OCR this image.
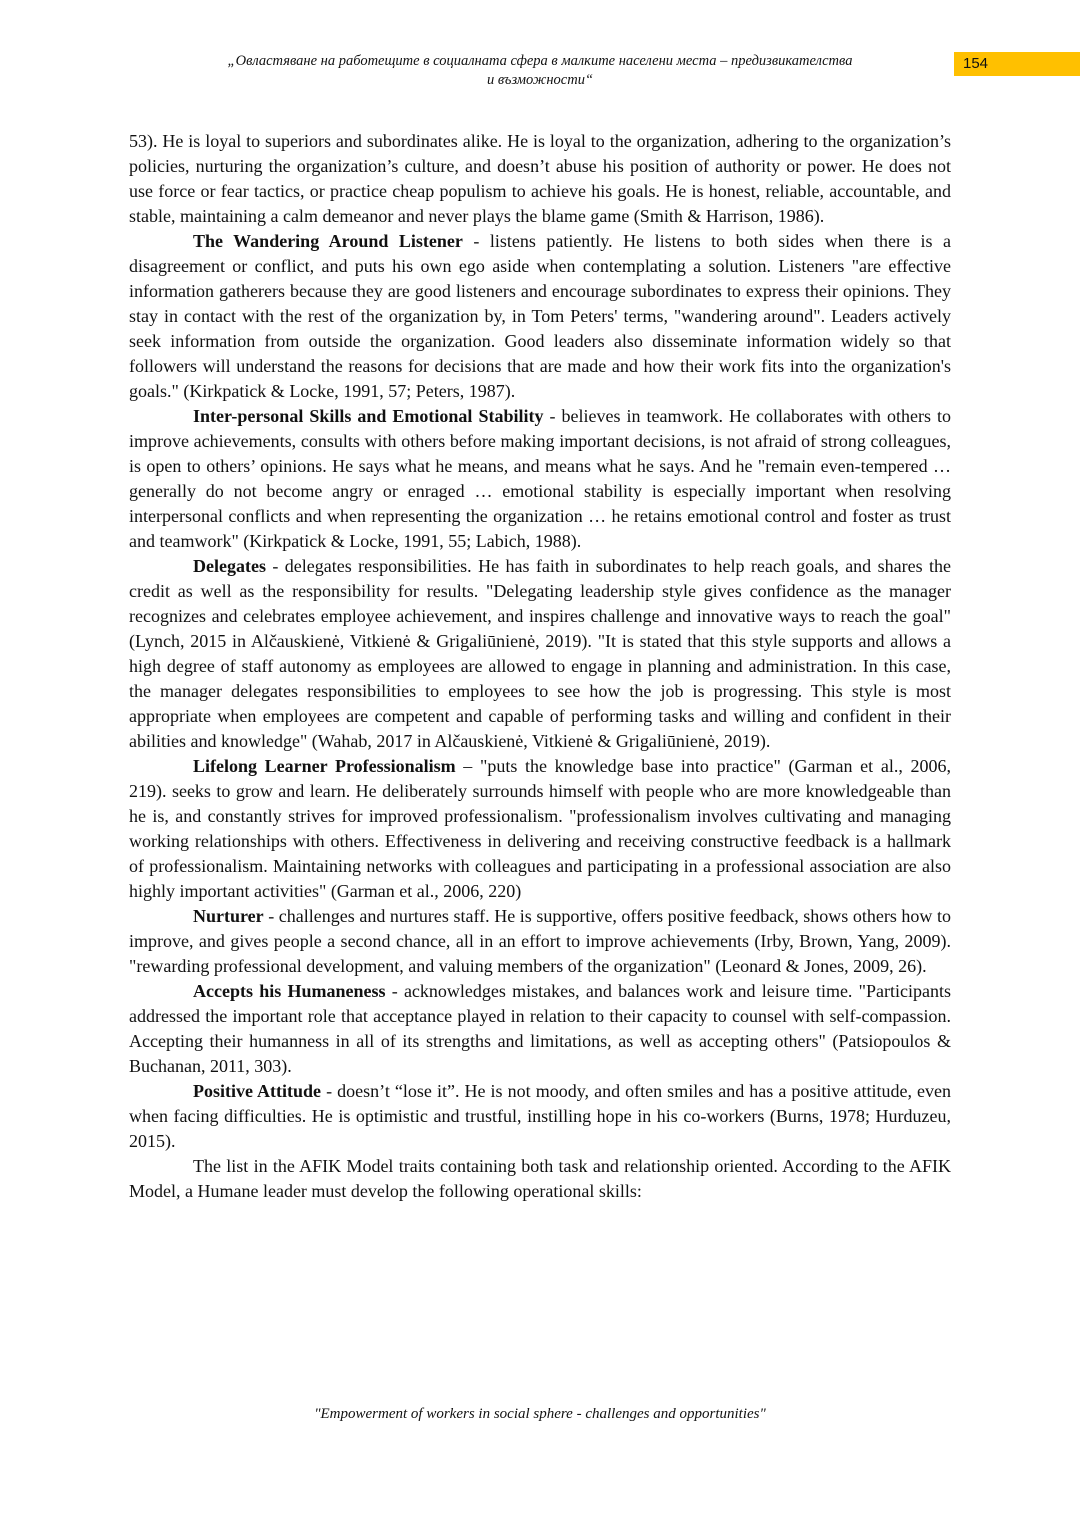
„Овластяване на работещите в социалната сфера в малките населени места – предизвикателства
и възможности“
154

53). He is loyal to superiors and subordinates alike. He is loyal to the organization, adhering to the organization’s policies, nurturing the organization’s culture, and doesn’t abuse his position of authority or power. He does not use force or fear tactics, or practice cheap populism to achieve his goals. He is honest, reliable, accountable, and stable, maintaining a calm demeanor and never plays the blame game (Smith & Harrison, 1986).

The Wandering Around Listener - listens patiently. He listens to both sides when there is a disagreement or conflict, and puts his own ego aside when contemplating a solution. Listeners "are effective information gatherers because they are good listeners and encourage subordinates to express their opinions. They stay in contact with the rest of the organization by, in Tom Peters' terms, "wandering around". Leaders actively seek information from outside the organization. Good leaders also disseminate information widely so that followers will understand the reasons for decisions that are made and how their work fits into the organization's goals." (Kirkpatick & Locke, 1991, 57; Peters, 1987).

Inter-personal Skills and Emotional Stability - believes in teamwork. He collaborates with others to improve achievements, consults with others before making important decisions, is not afraid of strong colleagues, is open to others’ opinions. He says what he means, and means what he says. And he "remain even-tempered … generally do not become angry or enraged … emotional stability is especially important when resolving interpersonal conflicts and when representing the organization … he retains emotional control and foster as trust and teamwork" (Kirkpatick & Locke, 1991, 55; Labich, 1988).

Delegates - delegates responsibilities. He has faith in subordinates to help reach goals, and shares the credit as well as the responsibility for results. "Delegating leadership style gives confidence as the manager recognizes and celebrates employee achievement, and inspires challenge and innovative ways to reach the goal" (Lynch, 2015 in Alčauskienė, Vitkienė & Grigaliūnienė, 2019). "It is stated that this style supports and allows a high degree of staff autonomy as employees are allowed to engage in planning and administration. In this case, the manager delegates responsibilities to employees to see how the job is progressing. This style is most appropriate when employees are competent and capable of performing tasks and willing and confident in their abilities and knowledge" (Wahab, 2017 in Alčauskienė, Vitkienė & Grigaliūnienė, 2019).

Lifelong Learner Professionalism – "puts the knowledge base into practice" (Garman et al., 2006, 219). seeks to grow and learn. He deliberately surrounds himself with people who are more knowledgeable than he is, and constantly strives for improved professionalism. "professionalism involves cultivating and managing working relationships with others. Effectiveness in delivering and receiving constructive feedback is a hallmark of professionalism. Maintaining networks with colleagues and participating in a professional association are also highly important activities" (Garman et al., 2006, 220)

Nurturer - challenges and nurtures staff. He is supportive, offers positive feedback, shows others how to improve, and gives people a second chance, all in an effort to improve achievements (Irby, Brown, Yang, 2009). "rewarding professional development, and valuing members of the organization" (Leonard & Jones, 2009, 26).

Accepts his Humaneness - acknowledges mistakes, and balances work and leisure time. "Participants addressed the important role that acceptance played in relation to their capacity to counsel with self-compassion. Accepting their humanness in all of its strengths and limitations, as well as accepting others" (Patsiopoulos & Buchanan, 2011, 303).

Positive Attitude - doesn’t “lose it”. He is not moody, and often smiles and has a positive attitude, even when facing difficulties. He is optimistic and trustful, instilling hope in his co-workers (Burns, 1978; Hurduzeu, 2015).

The list in the AFIK Model traits containing both task and relationship oriented. According to the AFIK Model, a Humane leader must develop the following operational skills:

"Empowerment of workers in social sphere - challenges and opportunities"
